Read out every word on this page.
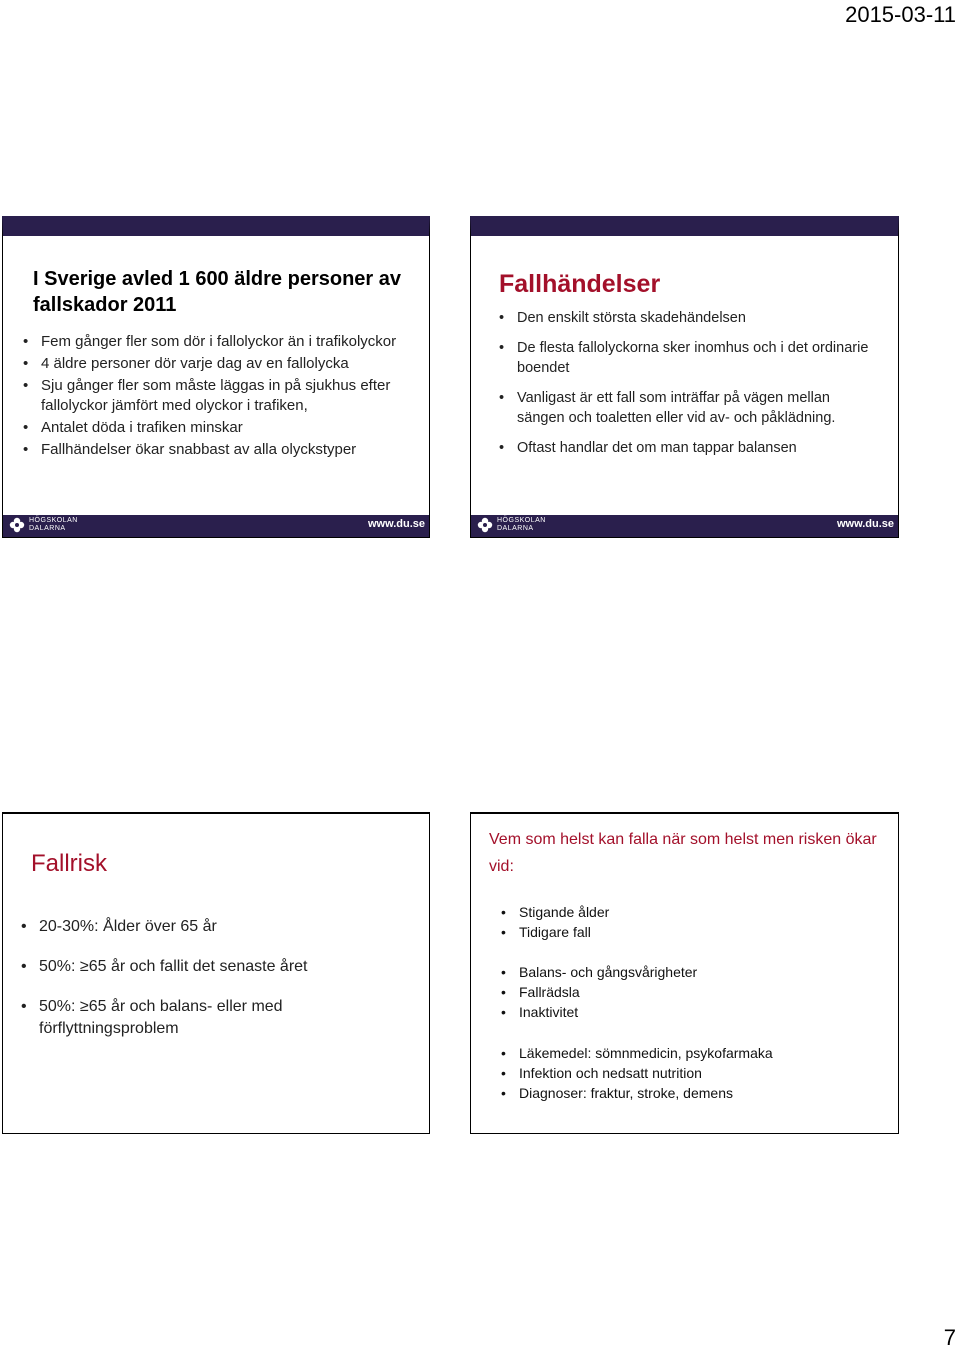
2015-03-11
I Sverige avled 1 600 äldre personer av fallskador 2011
• Fem gånger fler som dör i fallolyckor än i trafikolyckor
• 4 äldre personer dör varje dag av en fallolycka
• Sju gånger fler som måste läggas in på sjukhus efter fallolyckor jämfört med olyckor i trafiken,
• Antalet döda i trafiken minskar
• Fallhändelser ökar snabbast av alla olyckstyper
HÖGSKOLAN
DALARNA	www.du.se
Fallhändelser
• Den enskilt största skadehändelsen
• De flesta fallolyckorna sker inomhus och i det ordinarie boendet
• Vanligast är ett fall som inträffar på vägen mellan sängen och toaletten eller vid av- och påklädning.
• Oftast handlar det om man tappar balansen
HÖGSKOLAN
DALARNA	www.du.se
Fallrisk
• 20-30%: Ålder över 65 år
• 50%: ≥65 år och fallit det senaste året
• 50%: ≥65 år och balans- eller med förflyttningsproblem
Vem som helst kan falla när som helst men risken ökar vid:
• Stigande ålder
• Tidigare fall
• Balans- och gångsvårigheter
• Fallrädsla
• Inaktivitet
• Läkemedel: sömnmedicin, psykofarmaka
• Infektion och nedsatt nutrition
• Diagnoser: fraktur, stroke, demens
7
